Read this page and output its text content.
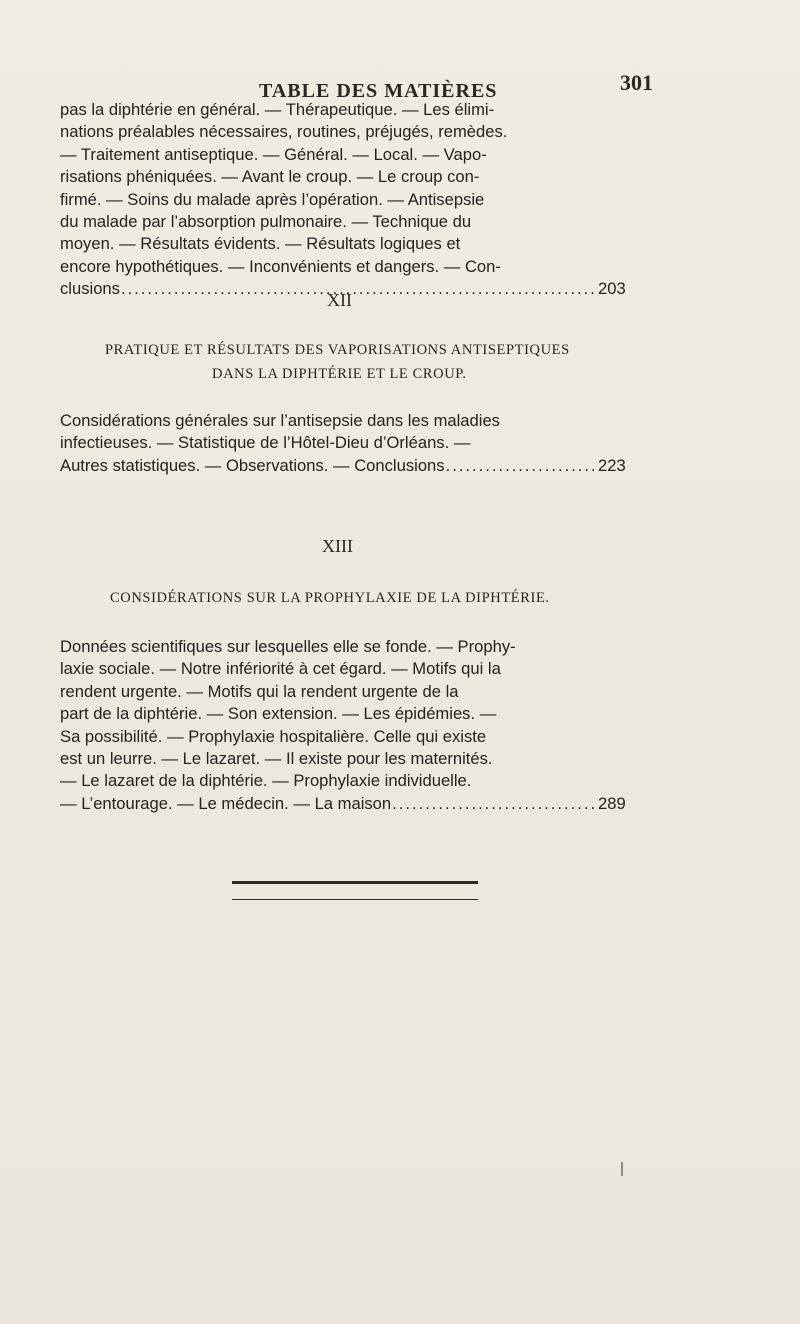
TABLE DES MATIÈRES	301
pas la diphtérie en général. — Thérapeutique. — Les élimi-
nations préalables nécessaires, routines, préjugés, remèdes.
— Traitement antiseptique. — Général. — Local. — Vapo-
risations phéniquées. — Avant le croup. — Le croup con-
firmé. — Soins du malade après l’opération. — Antisepsie
du malade par l’absorption pulmonaire. — Technique du
moyen. — Résultats évidents. — Résultats logiques et
encore hypothétiques. — Inconvénients et dangers. — Con-
clusions .....	203
XII
PRATIQUE ET RÉSULTATS DES VAPORISATIONS ANTISEPTIQUES
DANS LA DIPHTÉRIE ET LE CROUP.
Considérations générales sur l’antisepsie dans les maladies
infectieuses. — Statistique de l’Hôtel-Dieu d’Orléans. —
Autres statistiques. — Observations. — Conclusions .....	223
XIII
CONSIDÉRATIONS SUR LA PROPHYLAXIE DE LA DIPHTÉRIE.
Données scientifiques sur lesquelles elle se fonde. — Prophy-
laxie sociale. — Notre infériorité à cet égard. — Motifs qui la
rendent urgente. — Motifs qui la rendent urgente de la
part de la diphtérie. — Son extension. — Les épidémies. —
Sa possibilité. — Prophylaxie hospitalière. Celle qui existe
est un leurre. — Le lazaret. — Il existe pour les maternités.
— Le lazaret de la diphtérie. — Prophylaxie individuelle.
— L’entourage. — Le médecin. — La maison .....	289
